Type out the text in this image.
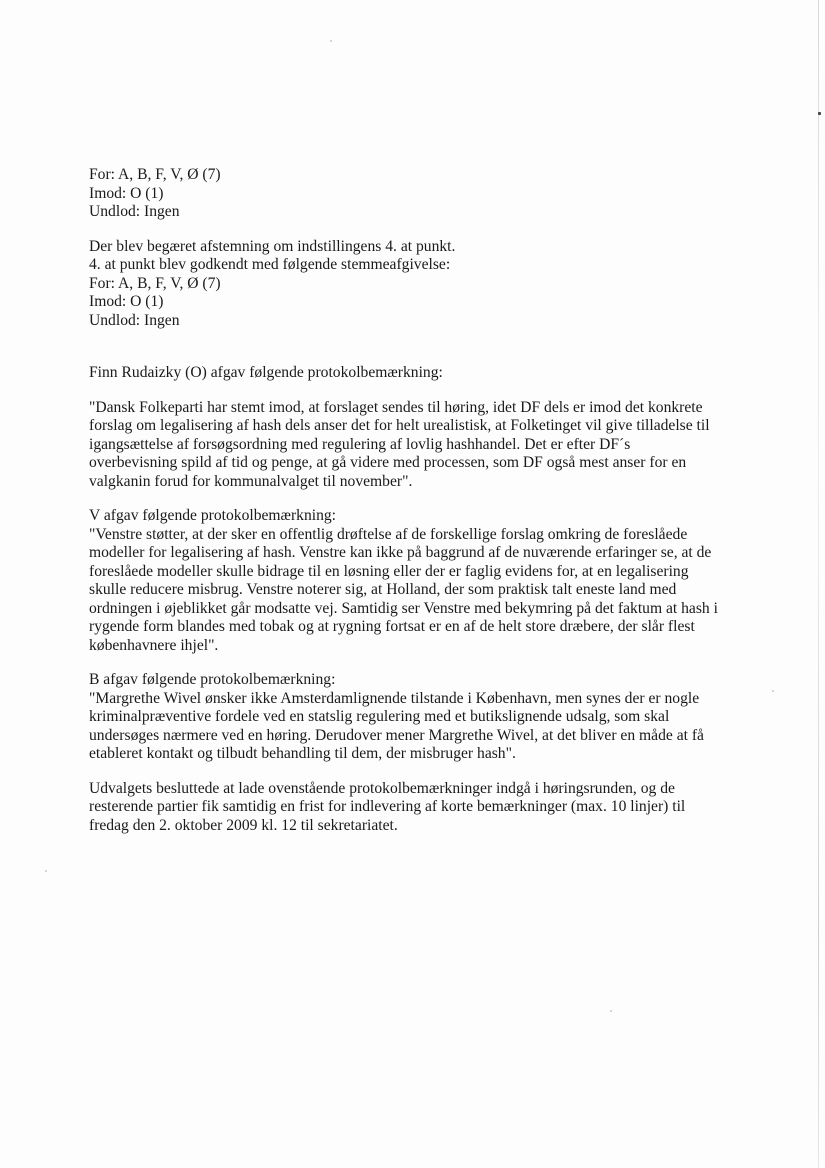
For: A, B, F, V, Ø (7)
Imod: O (1)
Undlod: Ingen
Der blev begæret afstemning om indstillingens 4. at punkt.
4. at punkt blev godkendt med følgende stemmeafgivelse:
For: A, B, F, V, Ø (7)
Imod: O (1)
Undlod: Ingen
Finn Rudaizky (O) afgav følgende protokolbemærkning:
"Dansk Folkeparti har stemt imod, at forslaget sendes til høring, idet DF dels er imod det konkrete
forslag om legalisering af hash dels anser det for helt urealistisk, at Folketinget vil give tilladelse til
igangsættelse af forsøgsordning med regulering af lovlig hashhandel. Det er efter DF´s
overbevisning spild af tid og penge, at gå videre med processen, som DF også mest anser for en
valgkanin forud for kommunalvalget til november".
V afgav følgende protokolbemærkning:
"Venstre støtter, at der sker en offentlig drøftelse af de forskellige forslag omkring de foreslåede
modeller for legalisering af hash. Venstre kan ikke på baggrund af de nuværende erfaringer se, at de
foreslåede modeller skulle bidrage til en løsning eller der er faglig evidens for, at en legalisering
skulle reducere misbrug. Venstre noterer sig, at Holland, der som praktisk talt eneste land med
ordningen i øjeblikket går modsatte vej. Samtidig ser Venstre med bekymring på det faktum at hash i
rygende form blandes med tobak og at rygning fortsat er en af de helt store dræbere, der slår flest
københavnere ihjel".
B afgav følgende protokolbemærkning:
"Margrethe Wivel ønsker ikke Amsterdamlignende tilstande i København, men synes der er nogle
kriminalpræventive fordele ved en statslig regulering med et butikslignende udsalg, som skal
undersøges nærmere ved en høring. Derudover mener Margrethe Wivel, at det bliver en måde at få
etableret kontakt og tilbudt behandling til dem, der misbruger hash".
Udvalgets besluttede at lade ovenstående protokolbemærkninger indgå i høringsrunden, og de
resterende partier fik samtidig en frist for indlevering af korte bemærkninger (max. 10 linjer) til
fredag den 2. oktober 2009 kl. 12 til sekretariatet.
